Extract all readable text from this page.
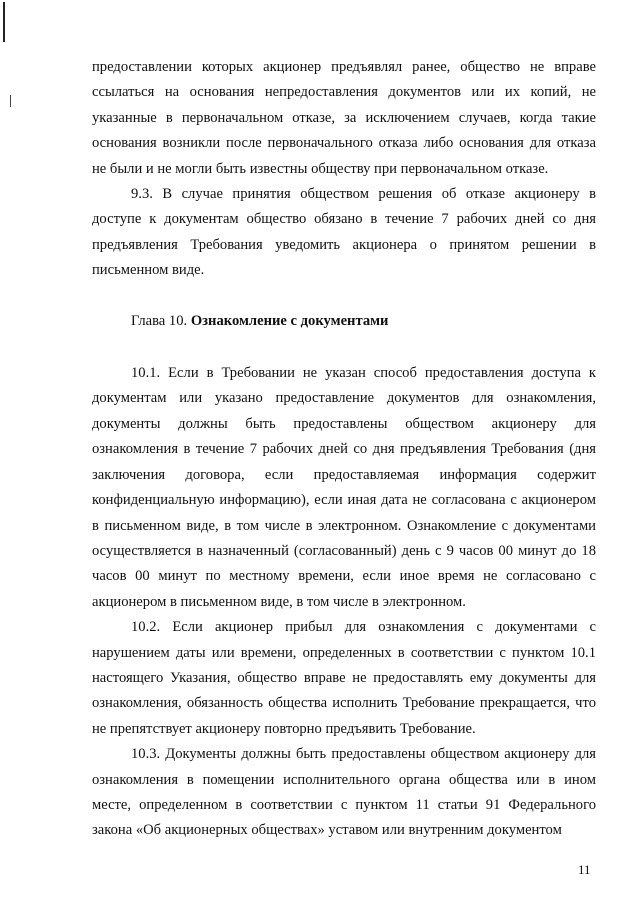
предоставлении которых акционер предъявлял ранее, общество не вправе ссылаться на основания непредоставления документов или их копий, не указанные в первоначальном отказе, за исключением случаев, когда такие основания возникли после первоначального отказа либо основания для отказа не были и не могли быть известны обществу при первоначальном отказе.

9.3. В случае принятия обществом решения об отказе акционеру в доступе к документам общество обязано в течение 7 рабочих дней со дня предъявления Требования уведомить акционера о принятом решении в письменном виде.

Глава 10. Ознакомление с документами

10.1. Если в Требовании не указан способ предоставления доступа к документам или указано предоставление документов для ознакомления, документы должны быть предоставлены обществом акционеру для ознакомления в течение 7 рабочих дней со дня предъявления Требования (дня заключения договора, если предоставляемая информация содержит конфиденциальную информацию), если иная дата не согласована с акционером в письменном виде, в том числе в электронном. Ознакомление с документами осуществляется в назначенный (согласованный) день с 9 часов 00 минут до 18 часов 00 минут по местному времени, если иное время не согласовано с акционером в письменном виде, в том числе в электронном.

10.2. Если акционер прибыл для ознакомления с документами с нарушением даты или времени, определенных в соответствии с пунктом 10.1 настоящего Указания, общество вправе не предоставлять ему документы для ознакомления, обязанность общества исполнить Требование прекращается, что не препятствует акционеру повторно предъявить Требование.

10.3. Документы должны быть предоставлены обществом акционеру для ознакомления в помещении исполнительного органа общества или в ином месте, определенном в соответствии с пунктом 11 статьи 91 Федерального закона «Об акционерных обществах» уставом или внутренним документом

11
